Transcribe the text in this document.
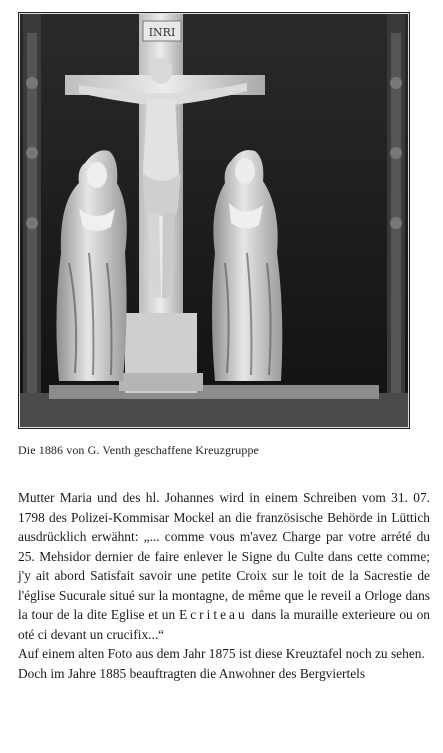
INRI
Die 1886 von G. Venth geschaffene Kreuzgruppe

Mutter Maria und des hl. Johannes wird in einem Schreiben vom 31. 07. 1798 des Polizei-Kommisar Mockel an die französische Behörde in Lüttich ausdrücklich erwähnt: „... comme vous m'avez Charge par votre arrété du 25. Mehsidor dernier de faire enlever le Signe du Culte dans cette comme; j'y ait abord Satisfait savoir une petite Croix sur le toit de la Sacrestie de l'église Sucurale situé sur la montagne, de même que le reveil a Orloge dans la tour de la dite Eglise et un Ecriteau dans la muraille exterieure ou on oté ci devant un crucifix...“

Auf einem alten Foto aus dem Jahr 1875 ist diese Kreuztafel noch zu sehen.

Doch im Jahre 1885 beauftragten die Anwohner des Bergviertels
